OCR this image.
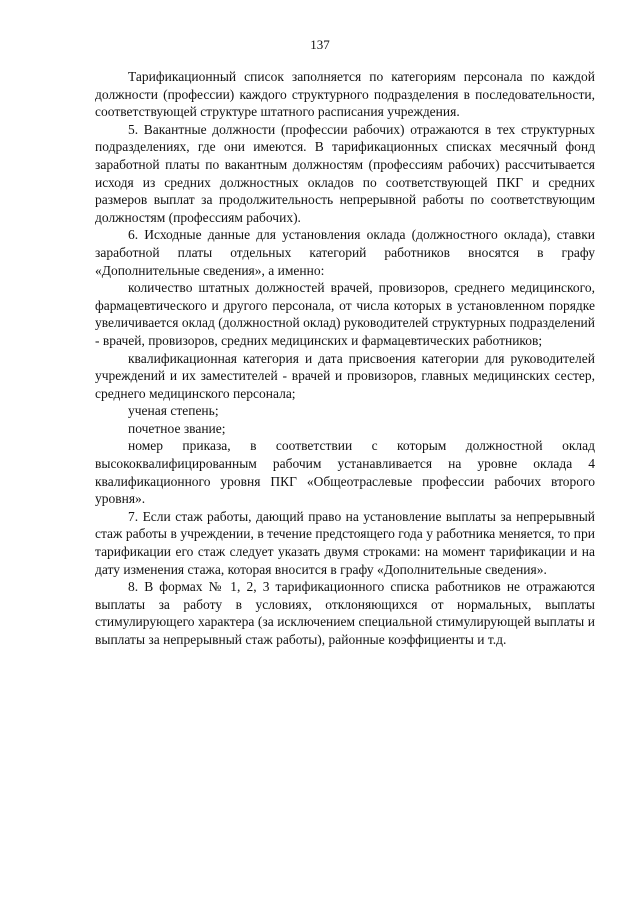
137

Тарификационный список заполняется по категориям персонала по каждой должности (профессии) каждого структурного подразделения в последовательности, соответствующей структуре штатного расписания учреждения.

5. Вакантные должности (профессии рабочих) отражаются в тех структурных подразделениях, где они имеются. В тарификационных списках месячный фонд заработной платы по вакантным должностям (профессиям рабочих) рассчитывается исходя из средних должностных окладов по соответствующей ПКГ и средних размеров выплат за продолжительность непрерывной работы по соответствующим должностям (профессиям рабочих).

6. Исходные данные для установления оклада (должностного оклада), ставки заработной платы отдельных категорий работников вносятся в графу «Дополнительные сведения», а именно:

количество штатных должностей врачей, провизоров, среднего медицинского, фармацевтического и другого персонала, от числа которых в установленном порядке увеличивается оклад (должностной оклад) руководителей структурных подразделений - врачей, провизоров, средних медицинских и фармацевтических работников;

квалификационная категория и дата присвоения категории для руководителей учреждений и их заместителей - врачей и провизоров, главных медицинских сестер, среднего медицинского персонала;

ученая степень;

почетное звание;

номер приказа, в соответствии с которым должностной оклад высококвалифицированным рабочим устанавливается на уровне оклада 4 квалификационного уровня ПКГ «Общеотраслевые профессии рабочих второго уровня».

7. Если стаж работы, дающий право на установление выплаты за непрерывный стаж работы в учреждении, в течение предстоящего года у работника меняется, то при тарификации его стаж следует указать двумя строками: на момент тарификации и на дату изменения стажа, которая вносится в графу «Дополнительные сведения».

8. В формах № 1, 2, 3 тарификационного списка работников не отражаются выплаты за работу в условиях, отклоняющихся от нормальных, выплаты стимулирующего характера (за исключением специальной стимулирующей выплаты и выплаты за непрерывный стаж работы), районные коэффициенты и т.д.
